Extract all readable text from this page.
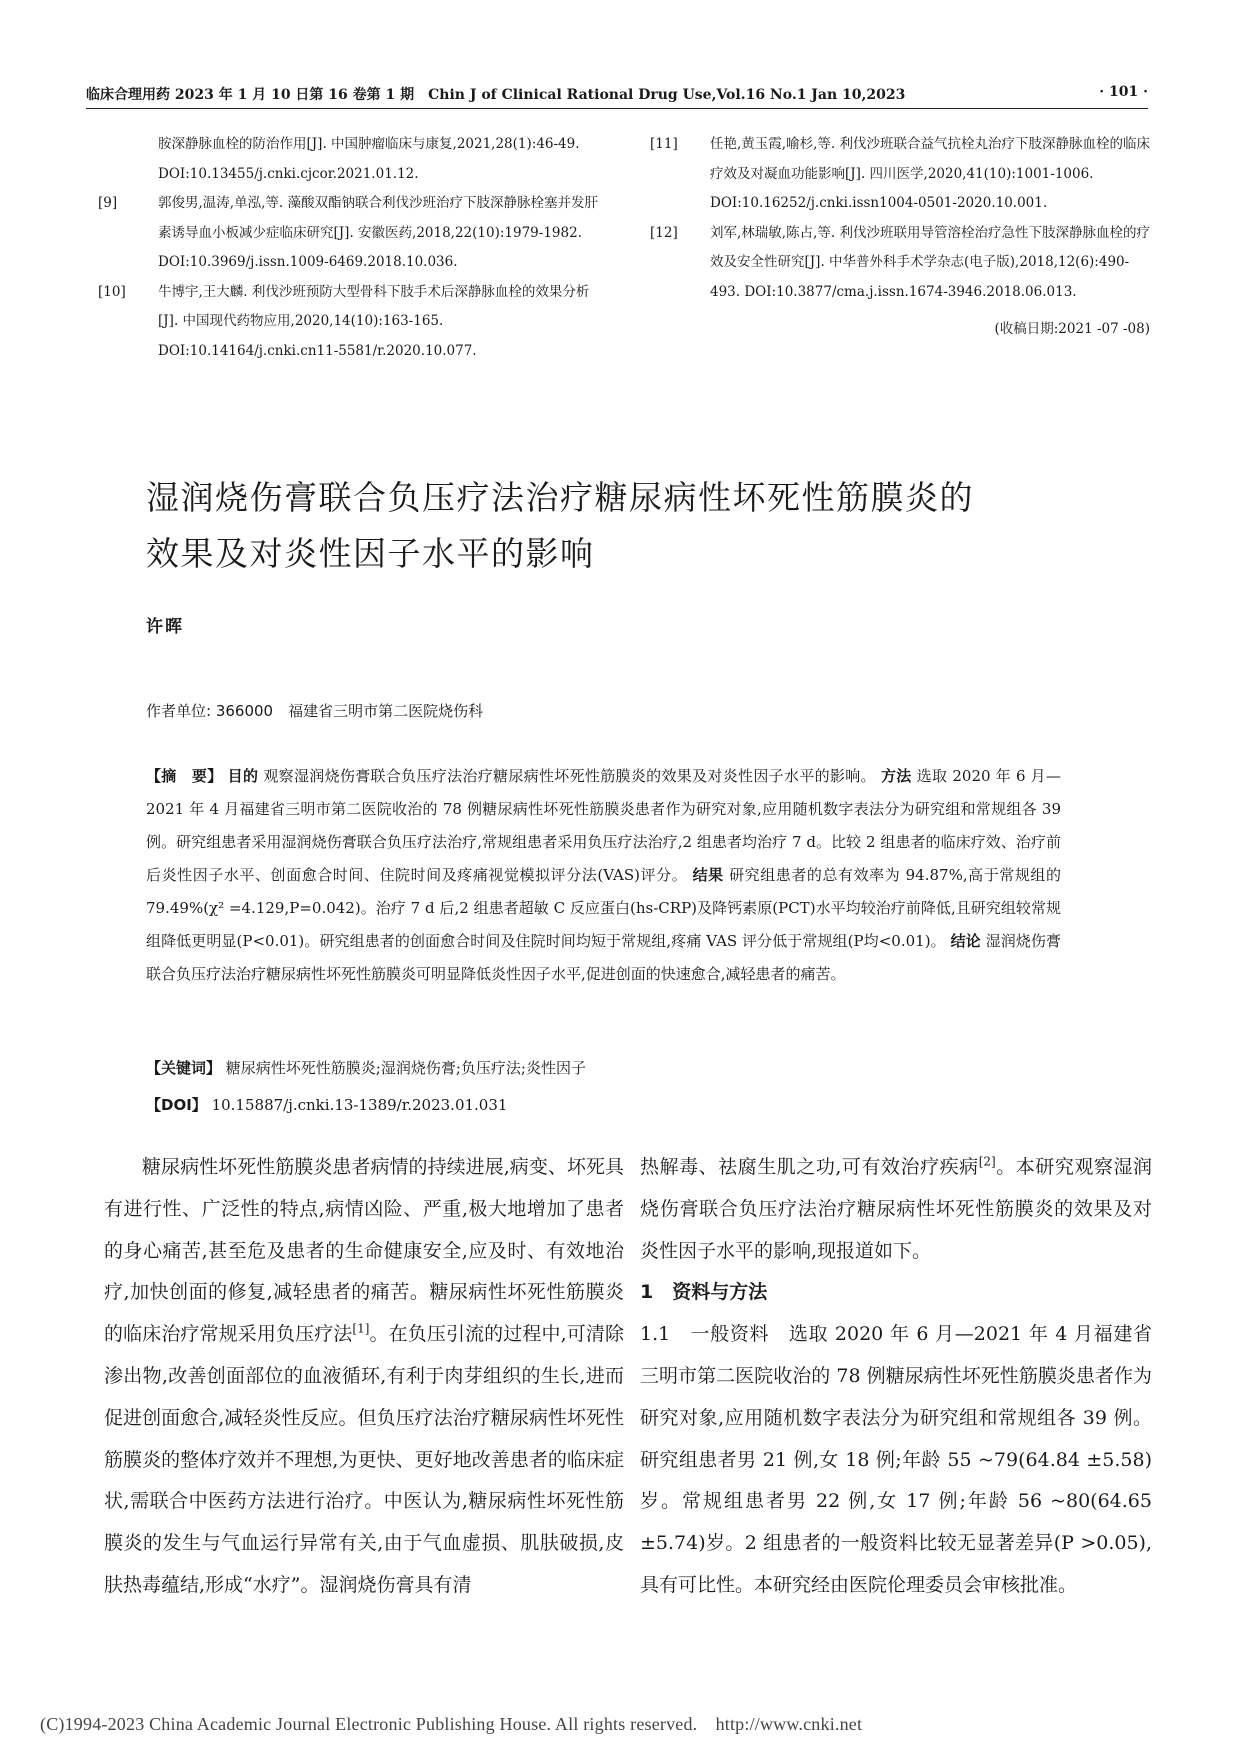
临床合理用药 2023 年 1 月 10 日第 16 卷第 1 期　Chin J of Clinical Rational Drug Use,Vol.16 No.1 Jan 10,2023	· 101 ·

胺深静脉血栓的防治作用[J]. 中国肿瘤临床与康复,2021,28(1):46-49. DOI:10.13455/j.cnki.cjcor.2021.01.12.

[9]	郭俊男,温涛,单泓,等. 藻酸双酯钠联合利伐沙班治疗下肢深静脉栓塞并发肝素诱导血小板减少症临床研究[J]. 安徽医药,2018,22(10):1979-1982. DOI:10.3969/j.issn.1009-6469.2018.10.036.

[10] 牛博宇,王大麟. 利伐沙班预防大型骨科下肢手术后深静脉血栓的效果分析[J]. 中国现代药物应用,2020,14(10):163-165. DOI:10.14164/j.cnki.cn11-5581/r.2020.10.077.

[11] 任艳,黄玉霞,喻杉,等. 利伐沙班联合益气抗栓丸治疗下肢深静脉血栓的临床疗效及对凝血功能影响[J]. 四川医学,2020,41(10):1001-1006. DOI:10.16252/j.cnki.issn1004-0501-2020.10.001.

[12] 刘军,林瑞敏,陈占,等. 利伐沙班联用导管溶栓治疗急性下肢深静脉血栓的疗效及安全性研究[J]. 中华普外科手术学杂志(电子版),2018,12(6):490-493. DOI:10.3877/cma.j.issn.1674-3946.2018.06.013.

(收稿日期:2021 -07 -08)
湿润烧伤膏联合负压疗法治疗糖尿病性坏死性筋膜炎的
效果及对炎性因子水平的影响
许晖
作者单位: 366000　福建省三明市第二医院烧伤科
【摘　要】 目的 观察湿润烧伤膏联合负压疗法治疗糖尿病性坏死性筋膜炎的效果及对炎性因子水平的影响。 方法 选取 2020 年 6 月—2021 年 4 月福建省三明市第二医院收治的 78 例糖尿病性坏死性筋膜炎患者作为研究对象,应用随机数字表法分为研究组和常规组各 39 例。研究组患者采用湿润烧伤膏联合负压疗法治疗,常规组患者采用负压疗法治疗,2 组患者均治疗 7 d。比较 2 组患者的临床疗效、治疗前后炎性因子水平、创面愈合时间、住院时间及疼痛视觉模拟评分法(VAS)评分。 结果 研究组患者的总有效率为 94.87%,高于常规组的 79.49%(χ² =4.129,P=0.042)。治疗 7 d 后,2 组患者超敏 C 反应蛋白(hs-CRP)及降钙素原(PCT)水平均较治疗前降低,且研究组较常规组降低更明显(P<0.01)。研究组患者的创面愈合时间及住院时间均短于常规组,疼痛 VAS 评分低于常规组(P均<0.01)。 结论 湿润烧伤膏联合负压疗法治疗糖尿病性坏死性筋膜炎可明显降低炎性因子水平,促进创面的快速愈合,减轻患者的痛苦。
【关键词】 糖尿病性坏死性筋膜炎;湿润烧伤膏;负压疗法;炎性因子
【DOI】 10.15887/j.cnki.13-1389/r.2023.01.031

糖尿病性坏死性筋膜炎患者病情的持续进展,病变、坏死具有进行性、广泛性的特点,病情凶险、严重,极大地增加了患者的身心痛苦,甚至危及患者的生命健康安全,应及时、有效地治疗,加快创面的修复,减轻患者的痛苦。糖尿病性坏死性筋膜炎的临床治疗常规采用负压疗法[1]。在负压引流的过程中,可清除渗出物,改善创面部位的血液循环,有利于肉芽组织的生长,进而促进创面愈合,减轻炎性反应。但负压疗法治疗糖尿病性坏死性筋膜炎的整体疗效并不理想,为更快、更好地改善患者的临床症状,需联合中医药方法进行治疗。中医认为,糖尿病性坏死性筋膜炎的发生与气血运行异常有关,由于气血虚损、肌肤破损,皮肤热毒蕴结,形成“水疗”。湿润烧伤膏具有清

热解毒、祛腐生肌之功,可有效治疗疾病[2]。本研究观察湿润烧伤膏联合负压疗法治疗糖尿病性坏死性筋膜炎的效果及对炎性因子水平的影响,现报道如下。

1　资料与方法

1.1　一般资料　 选取 2020 年 6 月—2021 年 4 月福建省三明市第二医院收治的 78 例糖尿病性坏死性筋膜炎患者作为研究对象,应用随机数字表法分为研究组和常规组各 39 例。研究组患者男 21 例,女 18 例;年龄 55 ~79(64.84 ±5.58)岁。常规组患者男 22 例,女 17 例;年龄 56 ~80(64.65 ±5.74)岁。2 组患者的一般资料比较无显著差异(P >0.05),具有可比性。本研究经由医院伦理委员会审核批准。

(C)1994-2023 China Academic Journal Electronic Publishing House. All rights reserved.　http://www.cnki.net
